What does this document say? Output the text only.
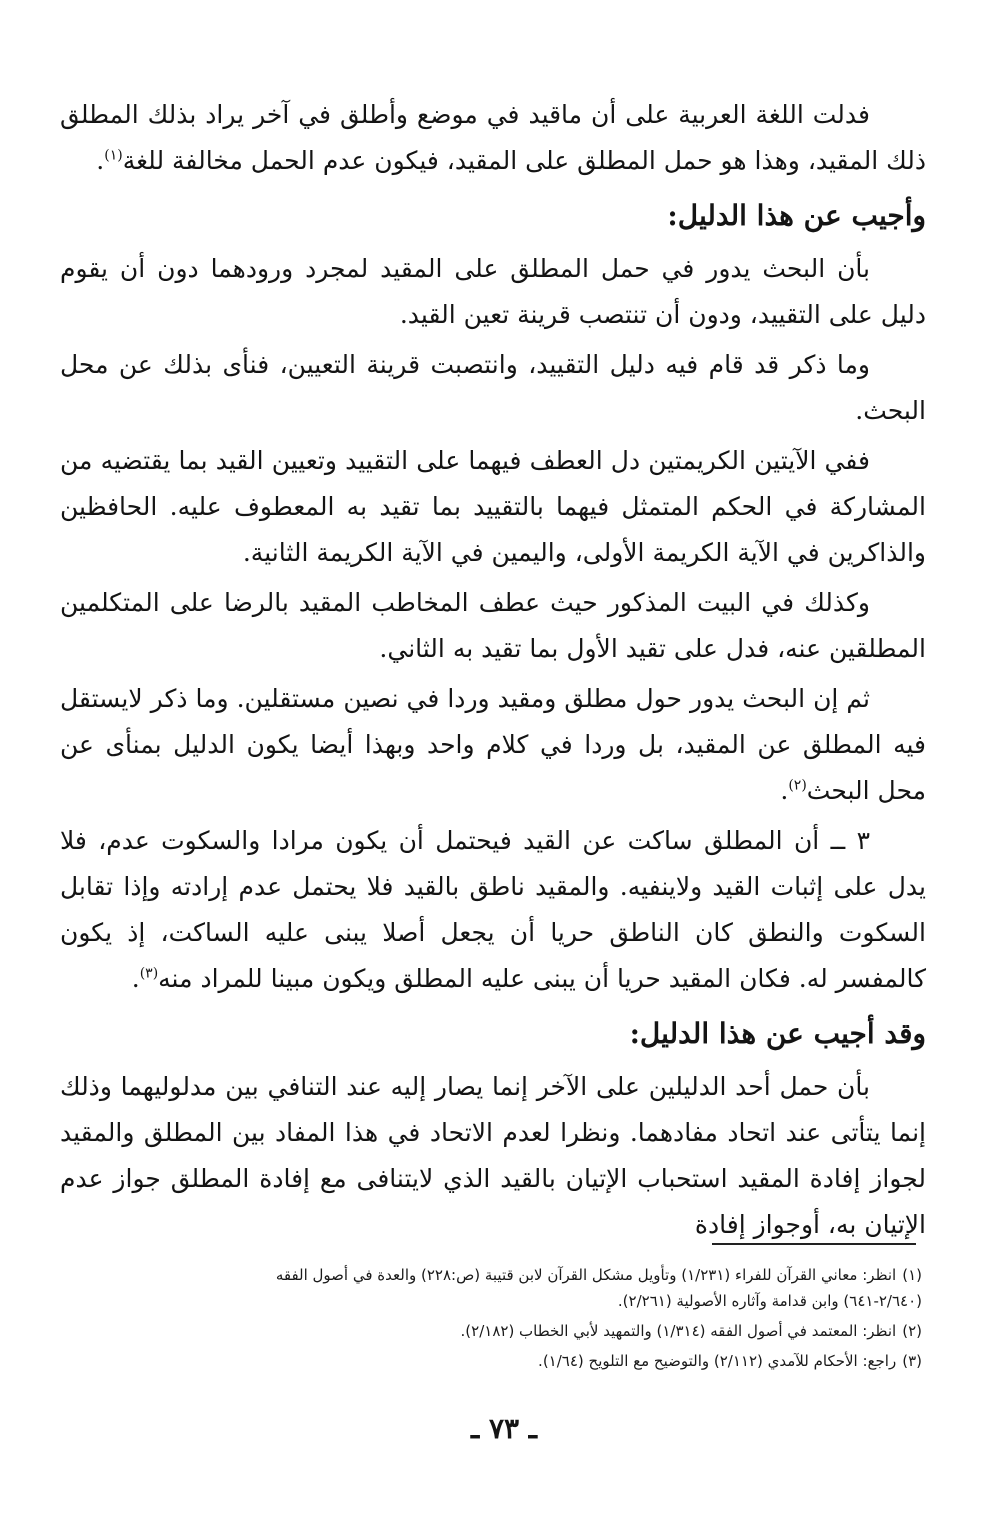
فدلت اللغة العربية على أن ماقيد في موضع وأطلق في آخر يراد بذلك المطلق ذلك المقيد، وهذا هو حمل المطلق على المقيد، فيكون عدم الحمل مخالفة للغة$^{(١)}$.

وأجيب عن هذا الدليل:

بأن البحث يدور في حمل المطلق على المقيد لمجرد ورودهما دون أن يقوم دليل على التقييد، ودون أن تنتصب قرينة تعين القيد.

وما ذكر قد قام فيه دليل التقييد، وانتصبت قرينة التعيين، فنأى بذلك عن محل البحث.

ففي الآيتين الكريمتين دل العطف فيهما على التقييد وتعيين القيد بما يقتضيه من المشاركة في الحكم المتمثل فيهما بالتقييد بما تقيد به المعطوف عليه. الحافظين والذاكرين في الآية الكريمة الأولى، واليمين في الآية الكريمة الثانية.

وكذلك في البيت المذكور حيث عطف المخاطب المقيد بالرضا على المتكلمين المطلقين عنه، فدل على تقيد الأول بما تقيد به الثاني.

ثم إن البحث يدور حول مطلق ومقيد وردا في نصين مستقلين. وما ذكر لايستقل فيه المطلق عن المقيد، بل وردا في كلام واحد وبهذا أيضا يكون الدليل بمنأى عن محل البحث$^{(٢)}$.

٣ ــ أن المطلق ساكت عن القيد فيحتمل أن يكون مرادا والسكوت عدم، فلا يدل على إثبات القيد ولاينفيه. والمقيد ناطق بالقيد فلا يحتمل عدم إرادته وإذا تقابل السكوت والنطق كان الناطق حريا أن يجعل أصلا يبنى عليه الساكت، إذ يكون كالمفسر له. فكان المقيد حريا أن يبنى عليه المطلق ويكون مبينا للمراد منه$^{(٣)}$.

وقد أجيب عن هذا الدليل:

بأن حمل أحد الدليلين على الآخر إنما يصار إليه عند التنافي بين مدلوليهما وذلك إنما يتأتى عند اتحاد مفادهما. ونظرا لعدم الاتحاد في هذا المفاد بين المطلق والمقيد لجواز إفادة المقيد استحباب الإتيان بالقيد الذي لايتنافى مع إفادة المطلق جواز عدم الإتيان به، أوجواز إفادة

(١)انظر: معاني القرآن للفراء (١/٢٣١) وتأويل مشكل القرآن لابن قتيبة (ص:٢٢٨) والعدة في أصول الفقه
(٢/٦٤٠-٦٤١) وابن قدامة وآثاره الأصولية (٢/٢٦١).

(٢)انظر: المعتمد في أصول الفقه (١/٣١٤) والتمهيد لأبي الخطاب (٢/١٨٢).

(٣)راجع: الأحكام للآمدي (٢/١١٢) والتوضيح مع التلويح (١/٦٤).

ـ ٧٣ ـ
